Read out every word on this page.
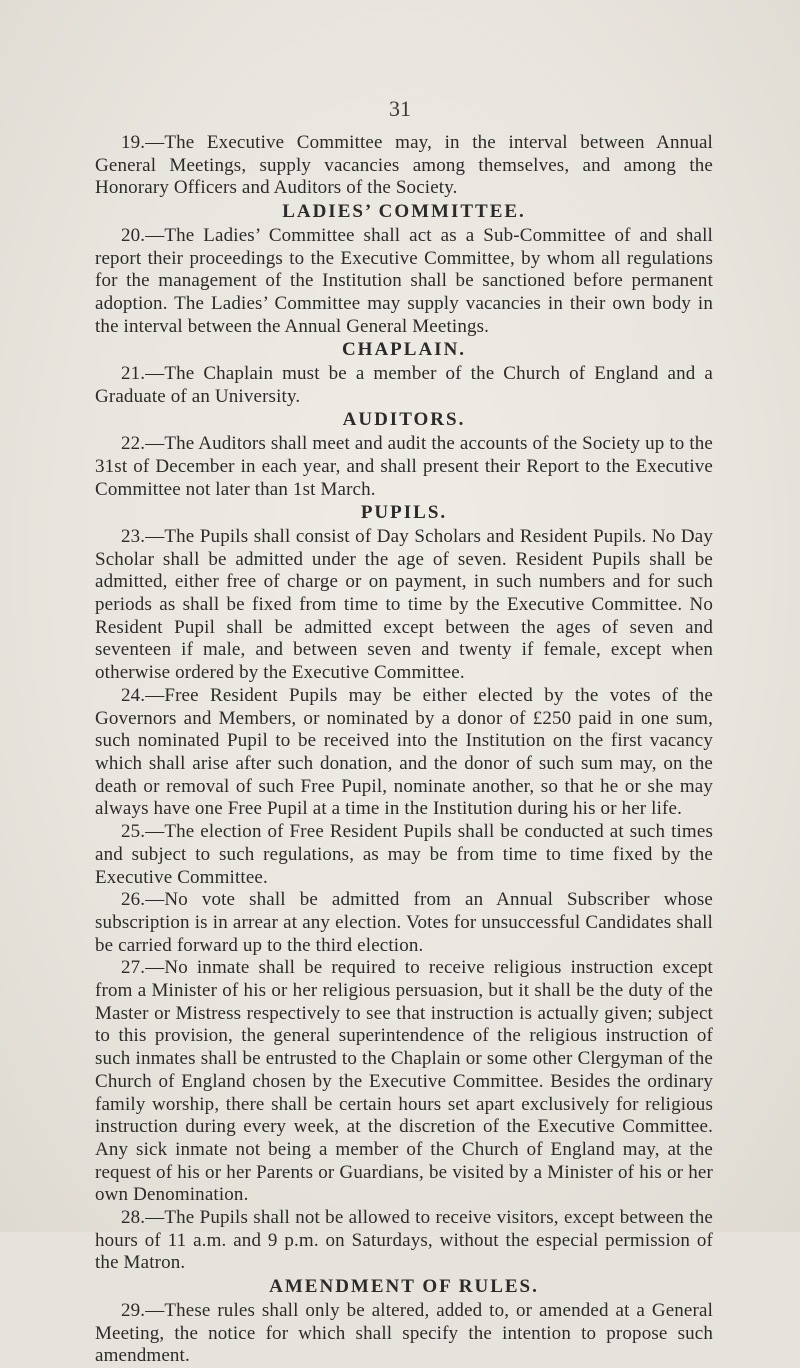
31

19.—The Executive Committee may, in the interval between Annual General Meetings, supply vacancies among themselves, and among the Honorary Officers and Auditors of the Society.

LADIES’ COMMITTEE.

20.—The Ladies’ Committee shall act as a Sub-Committee of and shall report their proceedings to the Executive Committee, by whom all regulations for the management of the Institution shall be sanctioned before permanent adoption. The Ladies’ Committee may supply vacancies in their own body in the interval between the Annual General Meetings.

CHAPLAIN.

21.—The Chaplain must be a member of the Church of England and a Graduate of an University.

AUDITORS.

22.—The Auditors shall meet and audit the accounts of the Society up to the 31st of December in each year, and shall present their Report to the Executive Committee not later than 1st March.

PUPILS.

23.—The Pupils shall consist of Day Scholars and Resident Pupils. No Day Scholar shall be admitted under the age of seven. Resident Pupils shall be admitted, either free of charge or on payment, in such numbers and for such periods as shall be fixed from time to time by the Executive Committee. No Resident Pupil shall be admitted except between the ages of seven and seventeen if male, and between seven and twenty if female, except when otherwise ordered by the Executive Committee.

24.—Free Resident Pupils may be either elected by the votes of the Governors and Members, or nominated by a donor of £250 paid in one sum, such nominated Pupil to be received into the Institution on the first vacancy which shall arise after such donation, and the donor of such sum may, on the death or removal of such Free Pupil, nominate another, so that he or she may always have one Free Pupil at a time in the Institution during his or her life.

25.—The election of Free Resident Pupils shall be conducted at such times and subject to such regulations, as may be from time to time fixed by the Executive Committee.

26.—No vote shall be admitted from an Annual Subscriber whose subscription is in arrear at any election. Votes for unsuccessful Candidates shall be carried forward up to the third election.

27.—No inmate shall be required to receive religious instruction except from a Minister of his or her religious persuasion, but it shall be the duty of the Master or Mistress respectively to see that instruction is actually given; subject to this provision, the general superintendence of the religious instruction of such inmates shall be entrusted to the Chaplain or some other Clergyman of the Church of England chosen by the Executive Committee. Besides the ordinary family worship, there shall be certain hours set apart exclusively for religious instruction during every week, at the discretion of the Executive Committee. Any sick inmate not being a member of the Church of England may, at the request of his or her Parents or Guardians, be visited by a Minister of his or her own Denomination.

28.—The Pupils shall not be allowed to receive visitors, except between the hours of 11 a.m. and 9 p.m. on Saturdays, without the especial permission of the Matron.

AMENDMENT OF RULES.

29.—These rules shall only be altered, added to, or amended at a General Meeting, the notice for which shall specify the intention to propose such amendment.
